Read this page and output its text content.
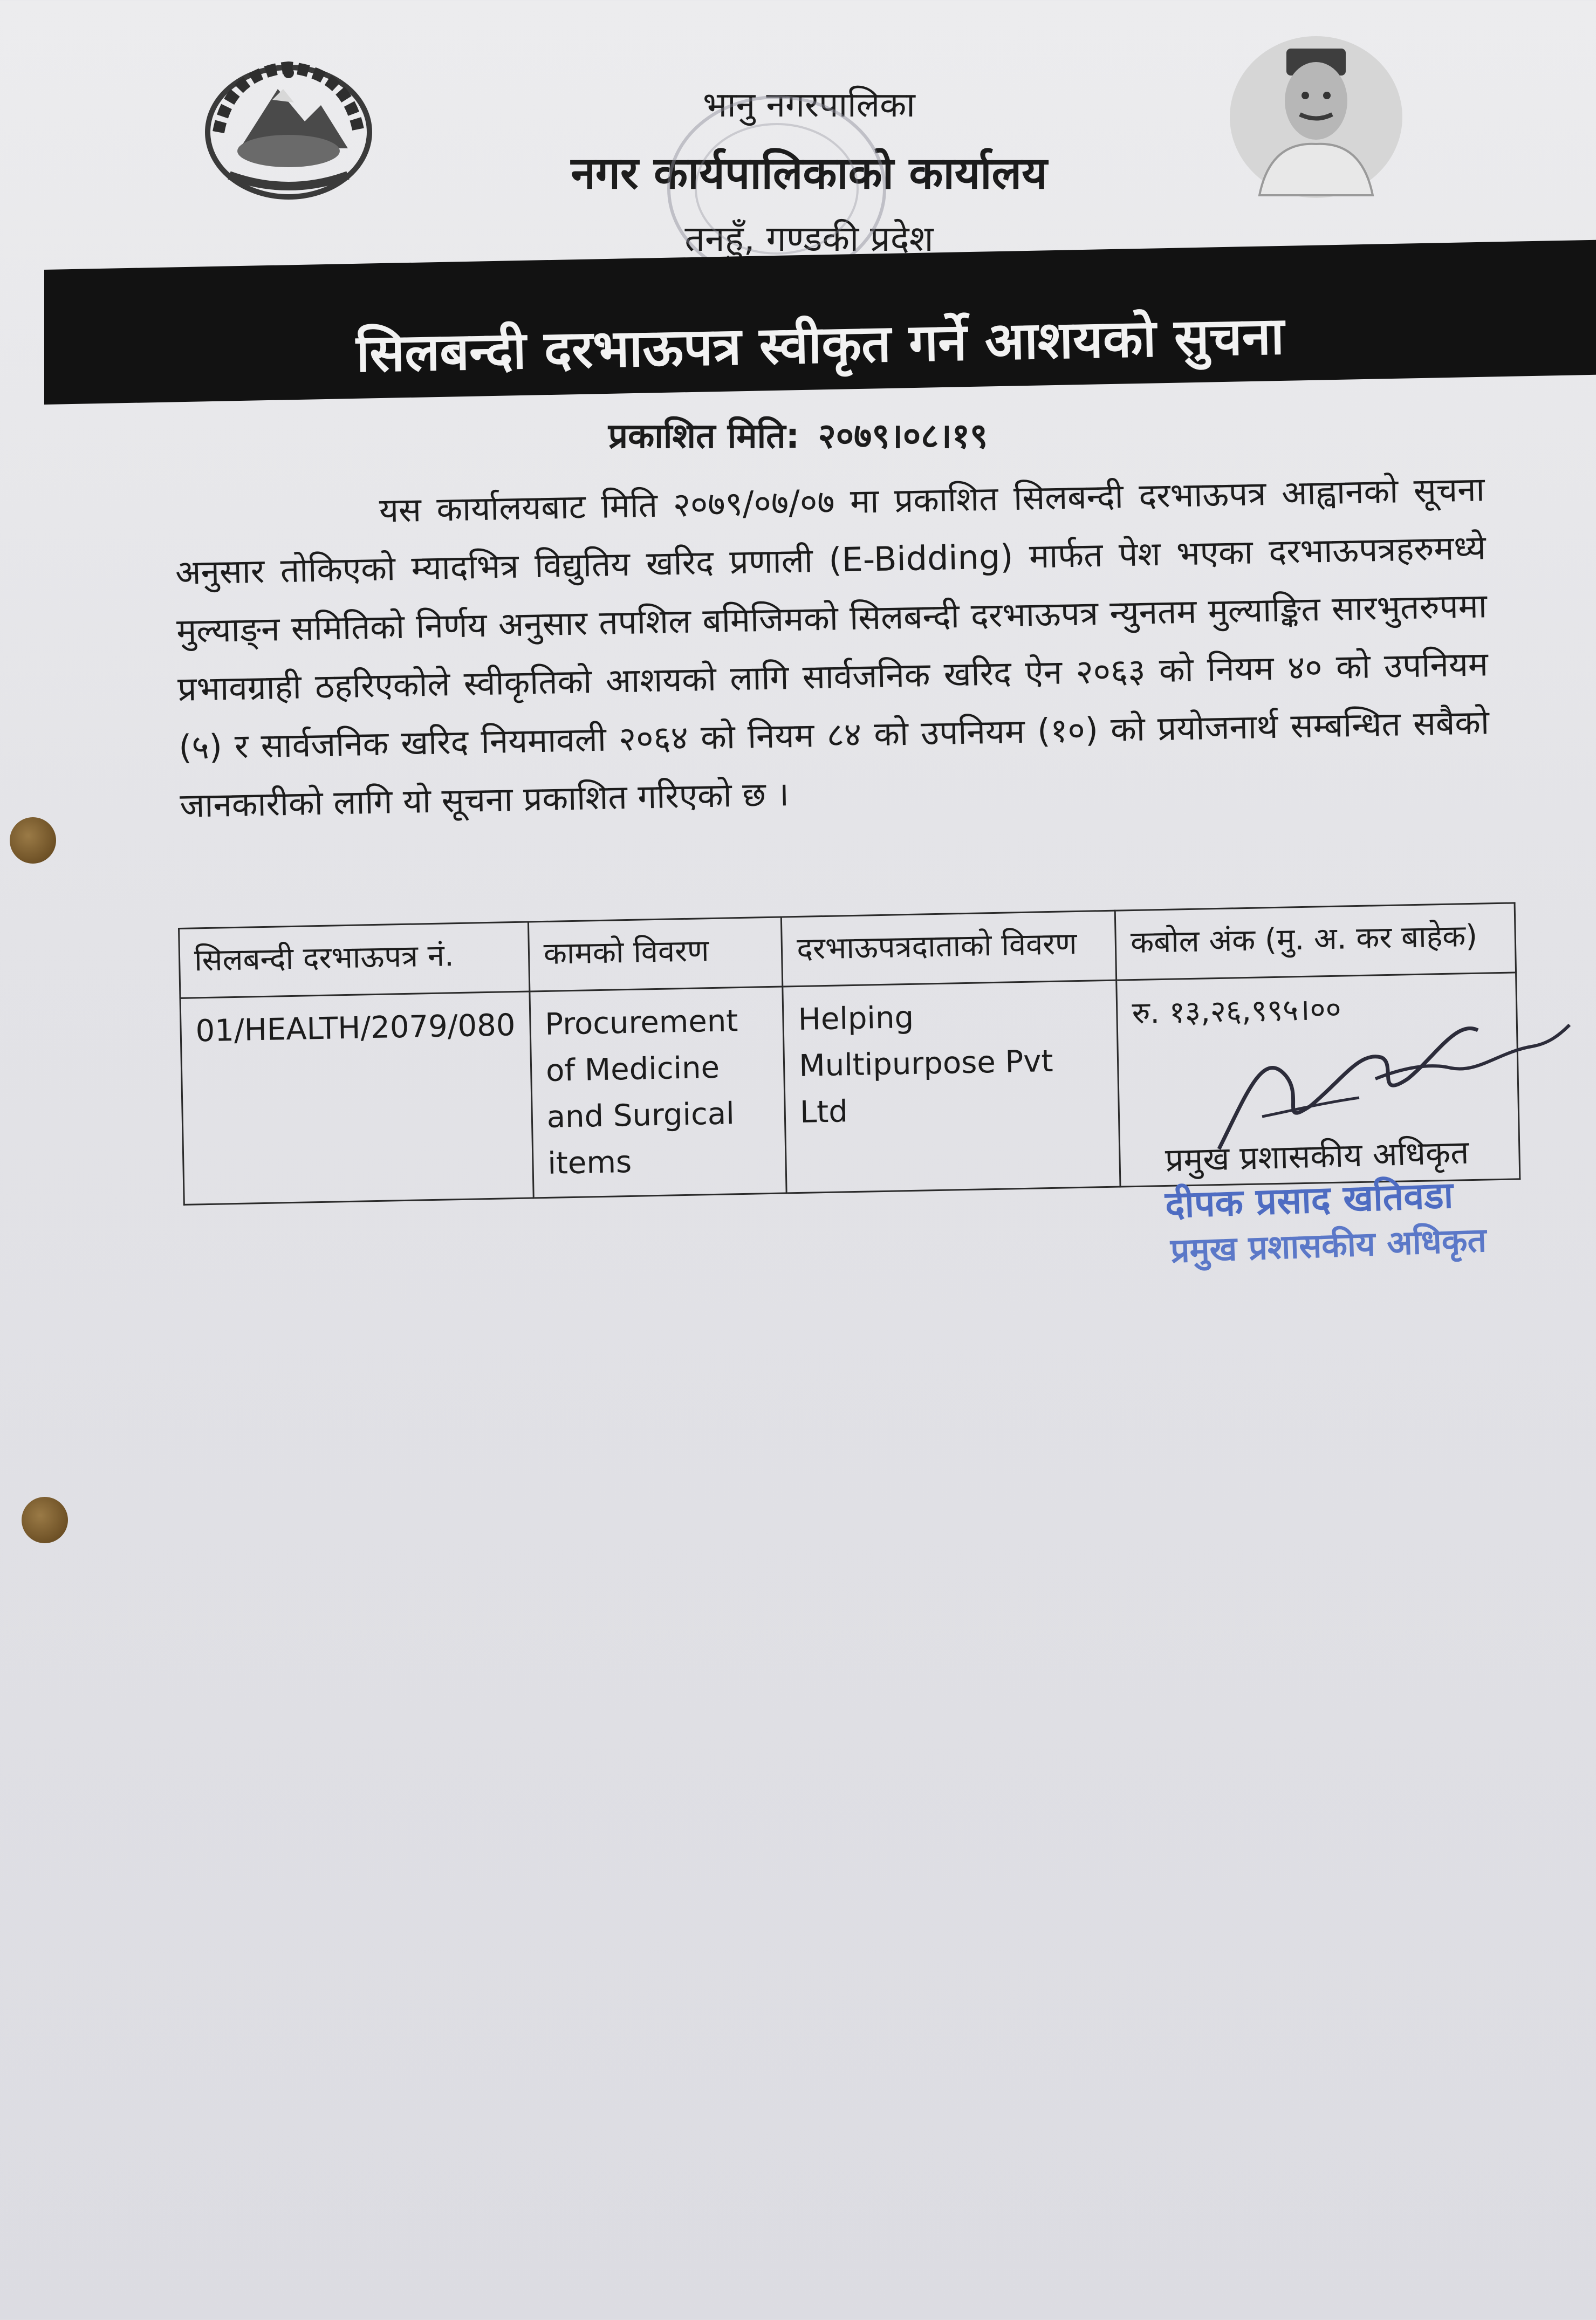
भानु नगरपालिका
नगर कार्यपालिकाको कार्यालय
तनहुँ, गण्डकी प्रदेश
सिलबन्दी दरभाऊपत्र स्वीकृत गर्ने आशयको सुचना
प्रकाशित मिति: २०७९।०८।१९
यस कार्यालयबाट मिति २०७९/०७/०७ मा प्रकाशित सिलबन्दी दरभाऊपत्र आह्वानको सूचना अनुसार तोकिएको म्यादभित्र विद्युतिय खरिद प्रणाली (E-Bidding) मार्फत पेश भएका दरभाऊपत्रहरुमध्ये मुल्याङ्न समितिको निर्णय अनुसार तपशिल बमिजिमको सिलबन्दी दरभाऊपत्र न्युनतम मुल्याङ्कित सारभुतरुपमा प्रभावग्राही ठहरिएकोले स्वीकृतिको आशयको लागि सार्वजनिक खरिद ऐन २०६३ को नियम ४० को उपनियम (५) र सार्वजनिक खरिद नियमावली २०६४ को नियम ८४ को उपनियम (१०) को प्रयोजनार्थ सम्बन्धित सबैको जानकारीको लागि यो सूचना प्रकाशित गरिएको छ ।
सिलबन्दी दरभाऊपत्र नं.	कामको विवरण	दरभाऊपत्रदाताको विवरण	कबोल अंक (मु. अ. कर बाहेक)
01/HEALTH/2079/080	Procurement of Medicine and Surgical items	Helping Multipurpose Pvt Ltd	रु. १३,२६,९९५।००
प्रमुख प्रशासकीय अधिकृत
दीपक प्रसाद खतिवडा
प्रमुख प्रशासकीय अधिकृत
